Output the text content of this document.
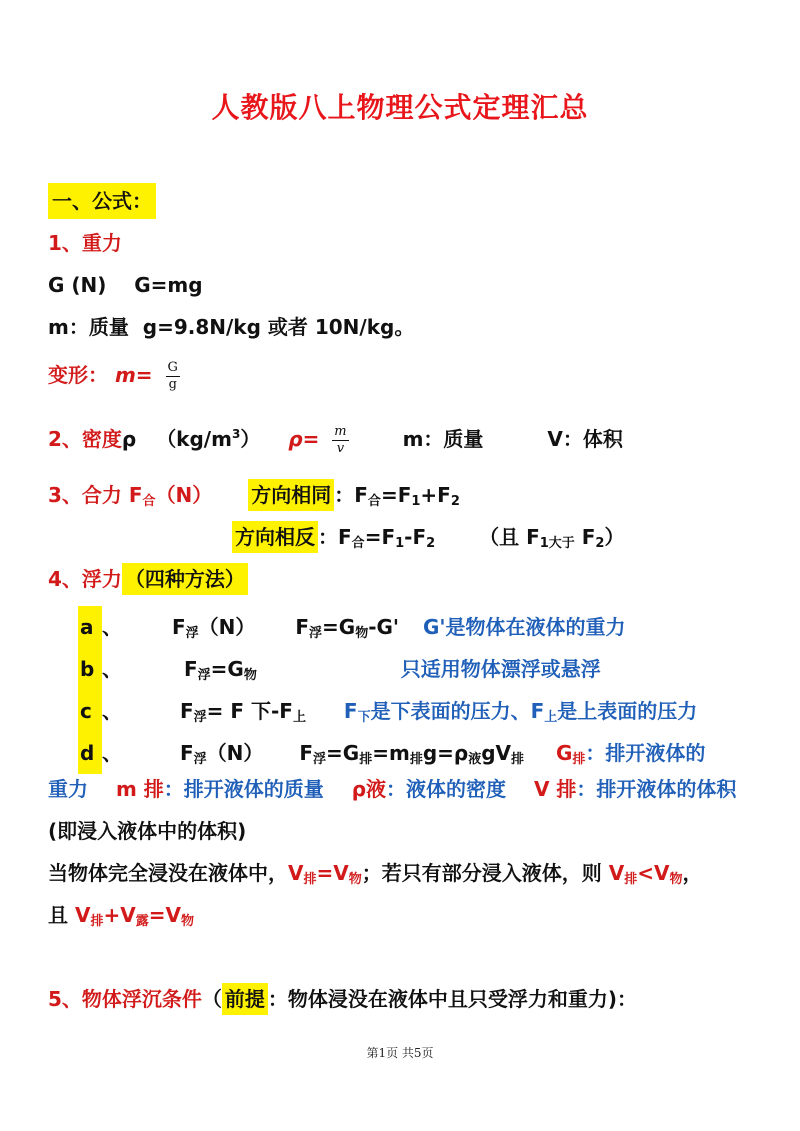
人教版八上物理公式定理汇总
一、公式：
1、重力
G (N)    G=mg
m：质量  g=9.8N/kg 或者 10N/kg。
变形： $m= \frac{G}{g}$
2、密度ρ $(kg/m^3)$ $\rho= \frac{m}{v}$	m：质量	V：体积
3、合力 $F_合(N)$ 方向相同 ：$F_合=F_1+F_2$
方向相反 ：$F_合=F_1-F_2$ （且 $F_{1大于}$ $F_2$）
4、浮力 （四种方法）
a 、 $F_浮(N)$ $F_浮=G_物-G'$ G'是物体在液体的重力
b 、	$F_浮=G_物$	只适用物体漂浮或悬浮
c 、	$F_浮= F$ 下$-F_上$ $F_下$是下表面的压力、$F_上$是上表面的压力
d 、	$F_浮(N)$ $F_浮=G_排=m_排g=\rho_液gV_排$ $G_排$：排开液体的
重力 m 排：排开液体的质量 ρ液：液体的密度 V 排：排开液体的体积
(即浸入液体中的体积)
当物体完全浸没在液体中，$V_排=V_物$；若只有部分浸入液体，则 $V_排<V_物$，
且 $V_排+V_露=V_物$
5、物体浮沉条件（ 前提 ：物体浸没在液体中且只受浮力和重力)：
第1页 共5页
